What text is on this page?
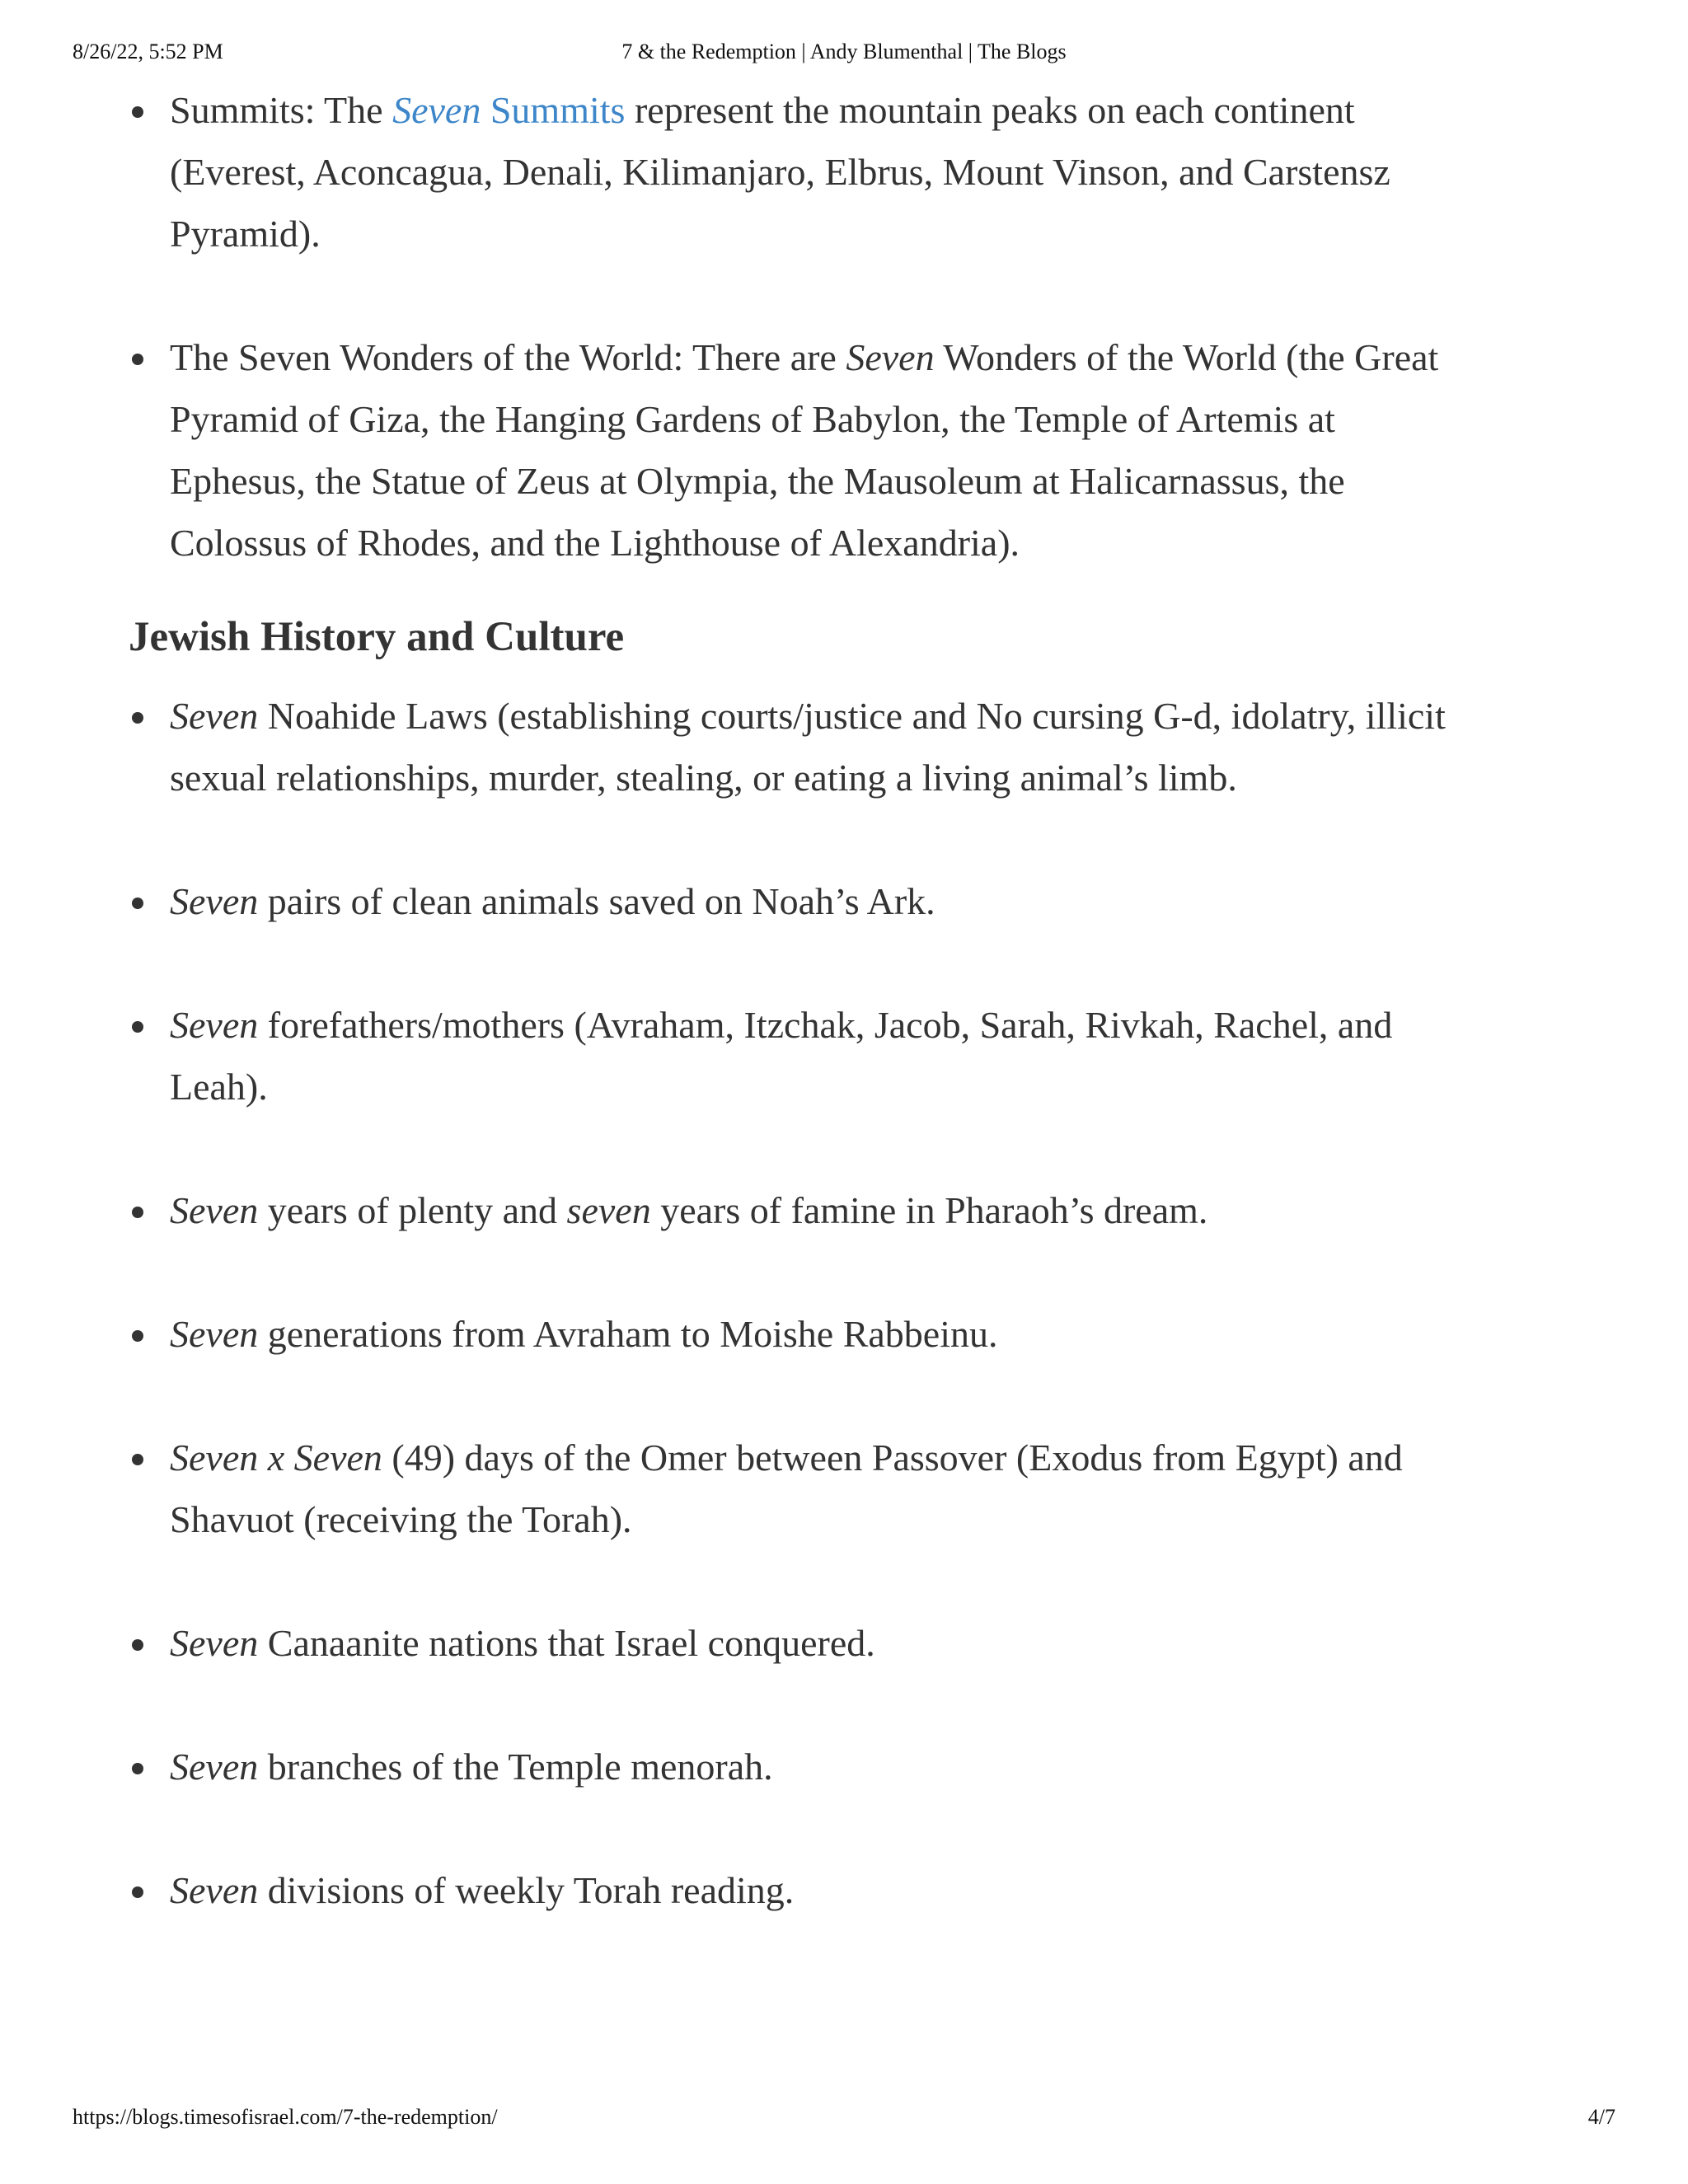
8/26/22, 5:52 PM	7 & the Redemption | Andy Blumenthal | The Blogs
Summits: The Seven Summits represent the mountain peaks on each continent (Everest, Aconcagua, Denali, Kilimanjaro, Elbrus, Mount Vinson, and Carstensz Pyramid).
The Seven Wonders of the World: There are Seven Wonders of the World (the Great Pyramid of Giza, the Hanging Gardens of Babylon, the Temple of Artemis at Ephesus, the Statue of Zeus at Olympia, the Mausoleum at Halicarnassus, the Colossus of Rhodes, and the Lighthouse of Alexandria).
Jewish History and Culture
Seven Noahide Laws (establishing courts/justice and No cursing G-d, idolatry, illicit sexual relationships, murder, stealing, or eating a living animal’s limb.
Seven pairs of clean animals saved on Noah’s Ark.
Seven forefathers/mothers (Avraham, Itzchak, Jacob, Sarah, Rivkah, Rachel, and Leah).
Seven years of plenty and seven years of famine in Pharaoh’s dream.
Seven generations from Avraham to Moishe Rabbeinu.
Seven x Seven (49) days of the Omer between Passover (Exodus from Egypt) and Shavuot (receiving the Torah).
Seven Canaanite nations that Israel conquered.
Seven branches of the Temple menorah.
Seven divisions of weekly Torah reading.
https://blogs.timesofisrael.com/7-the-redemption/	4/7
